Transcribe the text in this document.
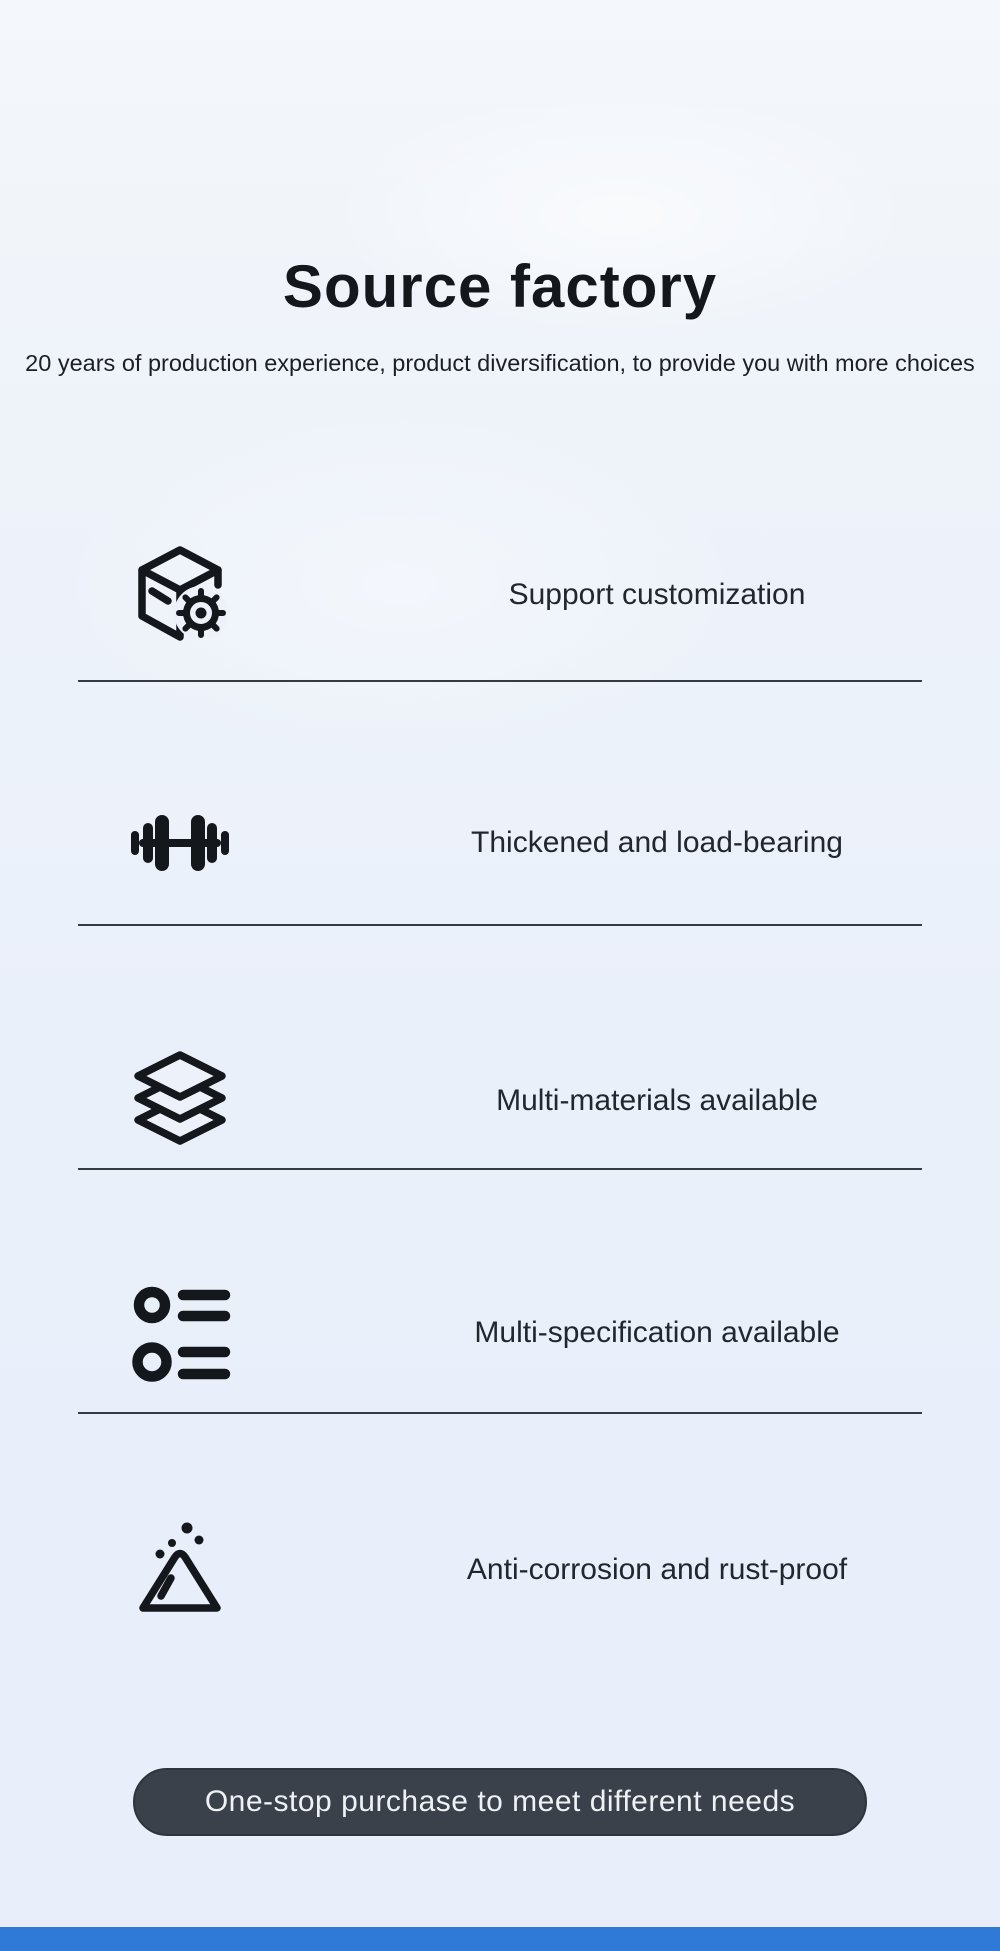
Source factory
20 years of production experience, product diversification, to provide you with more choices
Support customization
Thickened and load-bearing
Multi-materials available
Multi-specification available
Anti-corrosion and rust-proof
One-stop purchase to meet different needs
